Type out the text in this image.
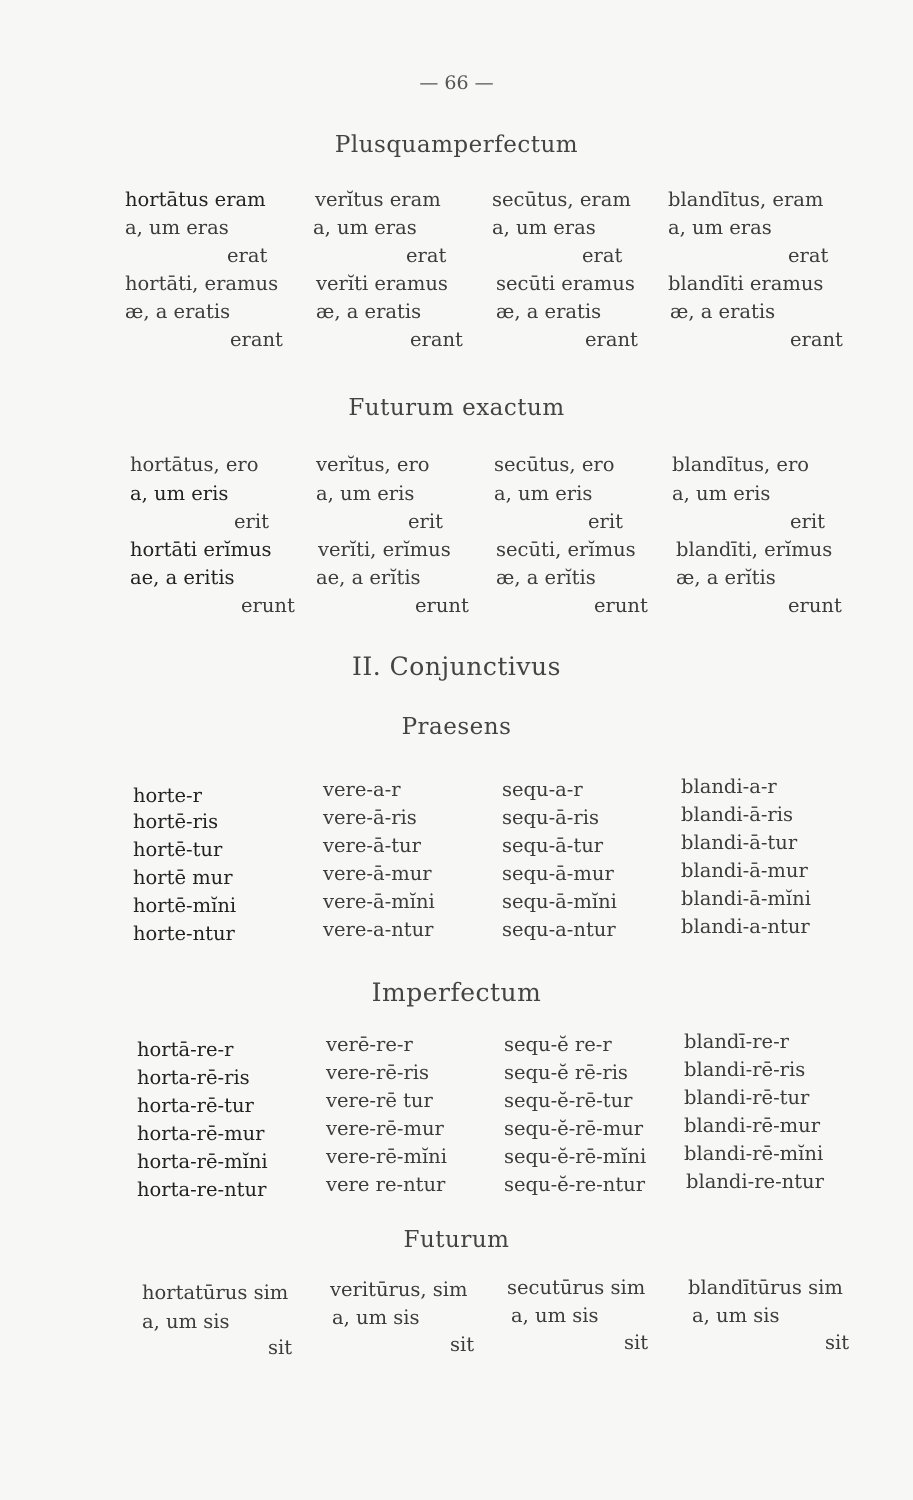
— 66 —
Plusquamperfectum
hortātus eram	verĭtus eram	secūtus, eram blandītus, eram
a, um eras	a, um eras	a, um eras	a, um eras
erat	erat	erat	erat
hortāti, eramus verĭti eramus secūti eramus blandīti eramus
æ, a eratis	æ, a eratis	æ, a eratis	æ, a eratis
erant	erant	erant	erant
Futurum exactum
hortātus, ero	verĭtus, ero	secūtus, ero	blandītus, ero
a, um eris	a, um eris	a, um eris	a, um eris
erit	erit	erit	erit
hortāti erĭmus verĭti, erĭmus secūti, erĭmus blandīti, erĭmus
ae, a eritis	ae, a erĭtis	æ, a erĭtis	æ, a erĭtis
erunt	erunt	erunt	erunt
II. Conjunctivus
Praesens
horte-r	vere-a-r	sequ-a-r	blandi-a-r
hortē-ris	vere-ā-ris	sequ-ā-ris	blandi-ā-ris
hortē-tur	vere-ā-tur	sequ-ā-tur	blandi-ā-tur
hortē mur	vere-ā-mur	sequ-ā-mur	blandi-ā-mur
hortē-mĭni	vere-ā-mĭni	sequ-ā-mĭni	blandi-ā-mĭni
horte-ntur	vere-a-ntur	sequ-a-ntur	blandi-a-ntur
Imperfectum
hortā-re-r	verē-re-r	sequ-ĕ re-r	blandī-re-r
horta-rē-ris	vere-rē-ris	sequ-ĕ rē-ris	blandi-rē-ris
horta-rē-tur	vere-rē tur	sequ-ĕ-rē-tur	blandi-rē-tur
horta-rē-mur	vere-rē-mur	sequ-ĕ-rē-mur blandi-rē-mur
horta-rē-mĭni	vere-rē-mĭni	sequ-ĕ-rē-mĭni blandi-rē-mĭni
horta-re-ntur	vere re-ntur	sequ-ĕ-re-ntur blandi-re-ntur
Futurum
hortatūrus sim veritūrus, sim secutūrus sim blandītūrus sim
a, um sis	a, um sis	a, um sis	a, um sis
sit	sit	sit	sit
